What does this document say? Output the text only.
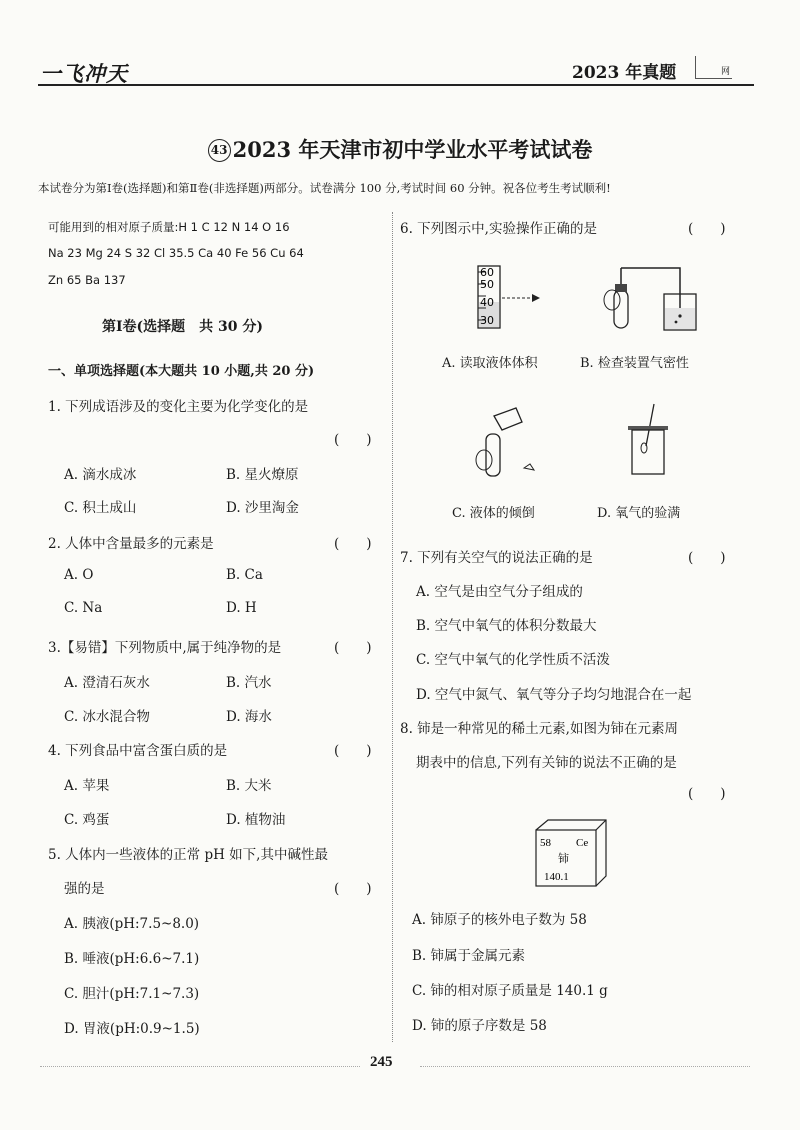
一飞冲天	2023 年真题	网
43 2023 年天津市初中学业水平考试试卷
本试卷分为第Ⅰ卷(选择题)和第Ⅱ卷(非选择题)两部分。试卷满分 100 分,考试时间 60 分钟。祝各位考生考试顺利!
可能用到的相对原子质量:H 1 C 12 N 14 O 16
Na 23 Mg 24 S 32 Cl 35.5 Ca 40 Fe 56 Cu 64
Zn 65 Ba 137
第Ⅰ卷(选择题　共 30 分)
一、单项选择题(本大题共 10 小题,共 20 分)
1. 下列成语涉及的变化主要为化学变化的是
(　　)
A. 滴水成冰	B. 星火燎原
C. 积土成山	D. 沙里淘金
2. 人体中含量最多的元素是	(　　)
A. O	B. Ca
C. Na	D. H
3.【易错】下列物质中,属于纯净物的是	(　　)
A. 澄清石灰水	B. 汽水
C. 冰水混合物	D. 海水
4. 下列食品中富含蛋白质的是	(　　)
A. 苹果	B. 大米
C. 鸡蛋	D. 植物油
5. 人体内一些液体的正常 pH 如下,其中碱性最
强的是	(　　)
A. 胰液(pH:7.5~8.0)
B. 唾液(pH:6.6~7.1)
C. 胆汁(pH:7.1~7.3)
D. 胃液(pH:0.9~1.5)
6. 下列图示中,实验操作正确的是	(　　)
60
50
40
30
A. 读取液体体积	B. 检查装置气密性
C. 液体的倾倒	D. 氧气的验满
7. 下列有关空气的说法正确的是	(　　)
A. 空气是由空气分子组成的
B. 空气中氧气的体积分数最大
C. 空气中氧气的化学性质不活泼
D. 空气中氮气、氧气等分子均匀地混合在一起
8. 铈是一种常见的稀土元素,如图为铈在元素周
期表中的信息,下列有关铈的说法不正确的是
(　　)
58 Ce
铈
140.1
A. 铈原子的核外电子数为 58
B. 铈属于金属元素
C. 铈的相对原子质量是 140.1 g
D. 铈的原子序数是 58
245
